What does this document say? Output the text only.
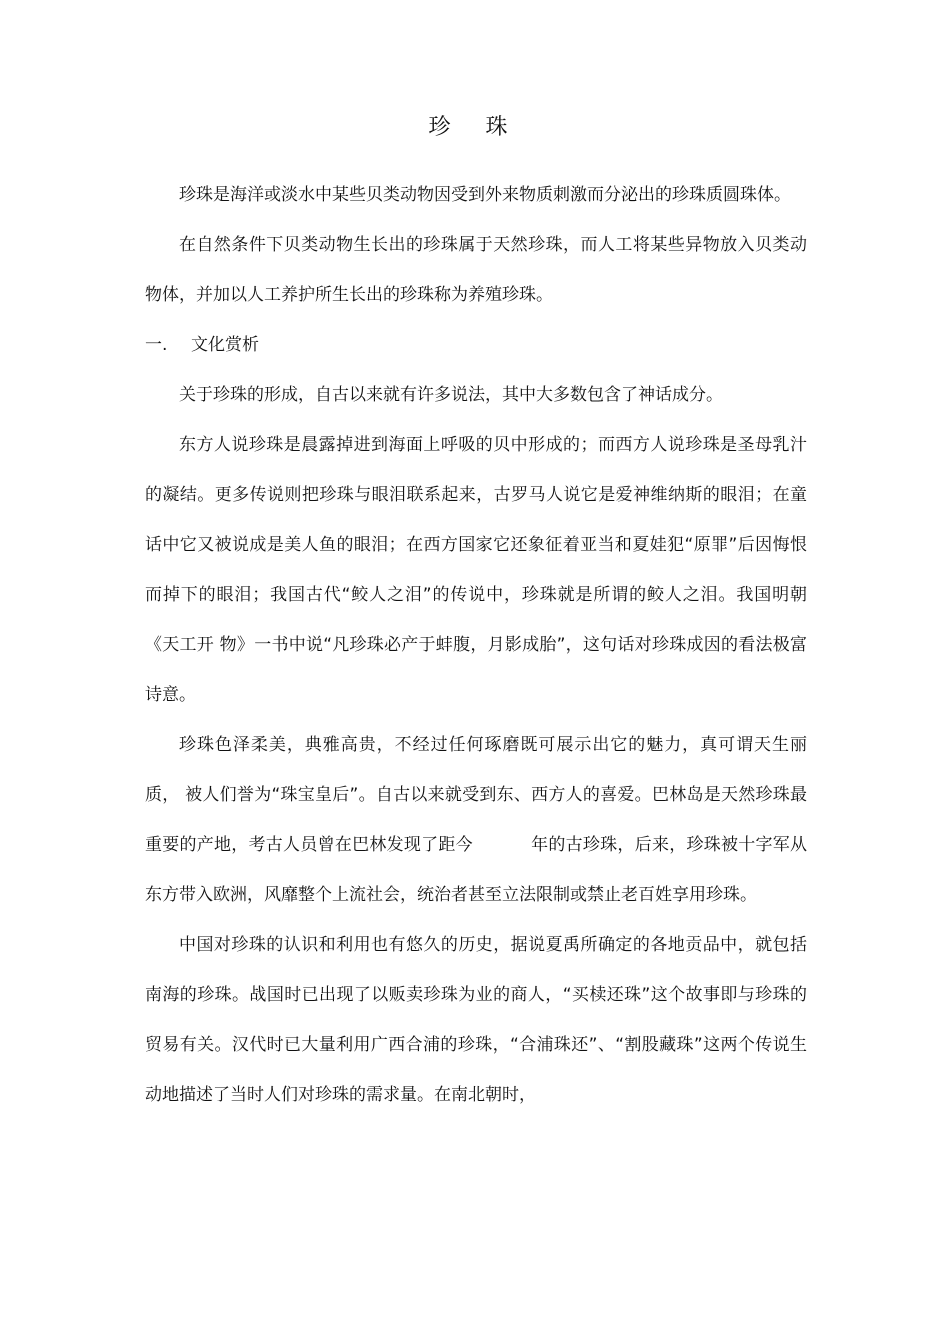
珍 珠

珍珠是海洋或淡水中某些贝类动物因受到外来物质刺激而分泌出的珍珠质圆珠体。

在自然条件下贝类动物生长出的珍珠属于天然珍珠，而人工将某些异物放入贝类动物体，并加以人工养护所生长出的珍珠称为养殖珍珠。

一. 文化赏析

关于珍珠的形成，自古以来就有许多说法，其中大多数包含了神话成分。

东方人说珍珠是晨露掉进到海面上呼吸的贝中形成的；而西方人说珍珠是圣母乳汁的凝结。更多传说则把珍珠与眼泪联系起来，古罗马人说它是爱神维纳斯的眼泪；在童话中它又被说成是美人鱼的眼泪；在西方国家它还象征着亚当和夏娃犯“原罪”后因悔恨而掉下的眼泪；我国古代“鲛人之泪”的传说中，珍珠就是所谓的鲛人之泪。我国明朝《天工开 物》一书中说“凡珍珠必产于蚌腹，月影成胎”，这句话对珍珠成因的看法极富诗意。

珍珠色泽柔美，典雅高贵，不经过任何琢磨既可展示出它的魅力，真可谓天生丽质， 被人们誉为“珠宝皇后”。自古以来就受到东、西方人的喜爱。巴林岛是天然珍珠最重要的产地，考古人员曾在巴林发现了距今	年的古珍珠，后来，珍珠被十字军从东方带入欧洲，风靡整个上流社会，统治者甚至立法限制或禁止老百姓享用珍珠。

中国对珍珠的认识和利用也有悠久的历史，据说夏禹所确定的各地贡品中，就包括南海的珍珠。战国时已出现了以贩卖珍珠为业的商人，“买椟还珠”这个故事即与珍珠的贸易有关。汉代时已大量利用广西合浦的珍珠，“合浦珠还”、“割股藏珠”这两个传说生动地描述了当时人们对珍珠的需求量。在南北朝时，
